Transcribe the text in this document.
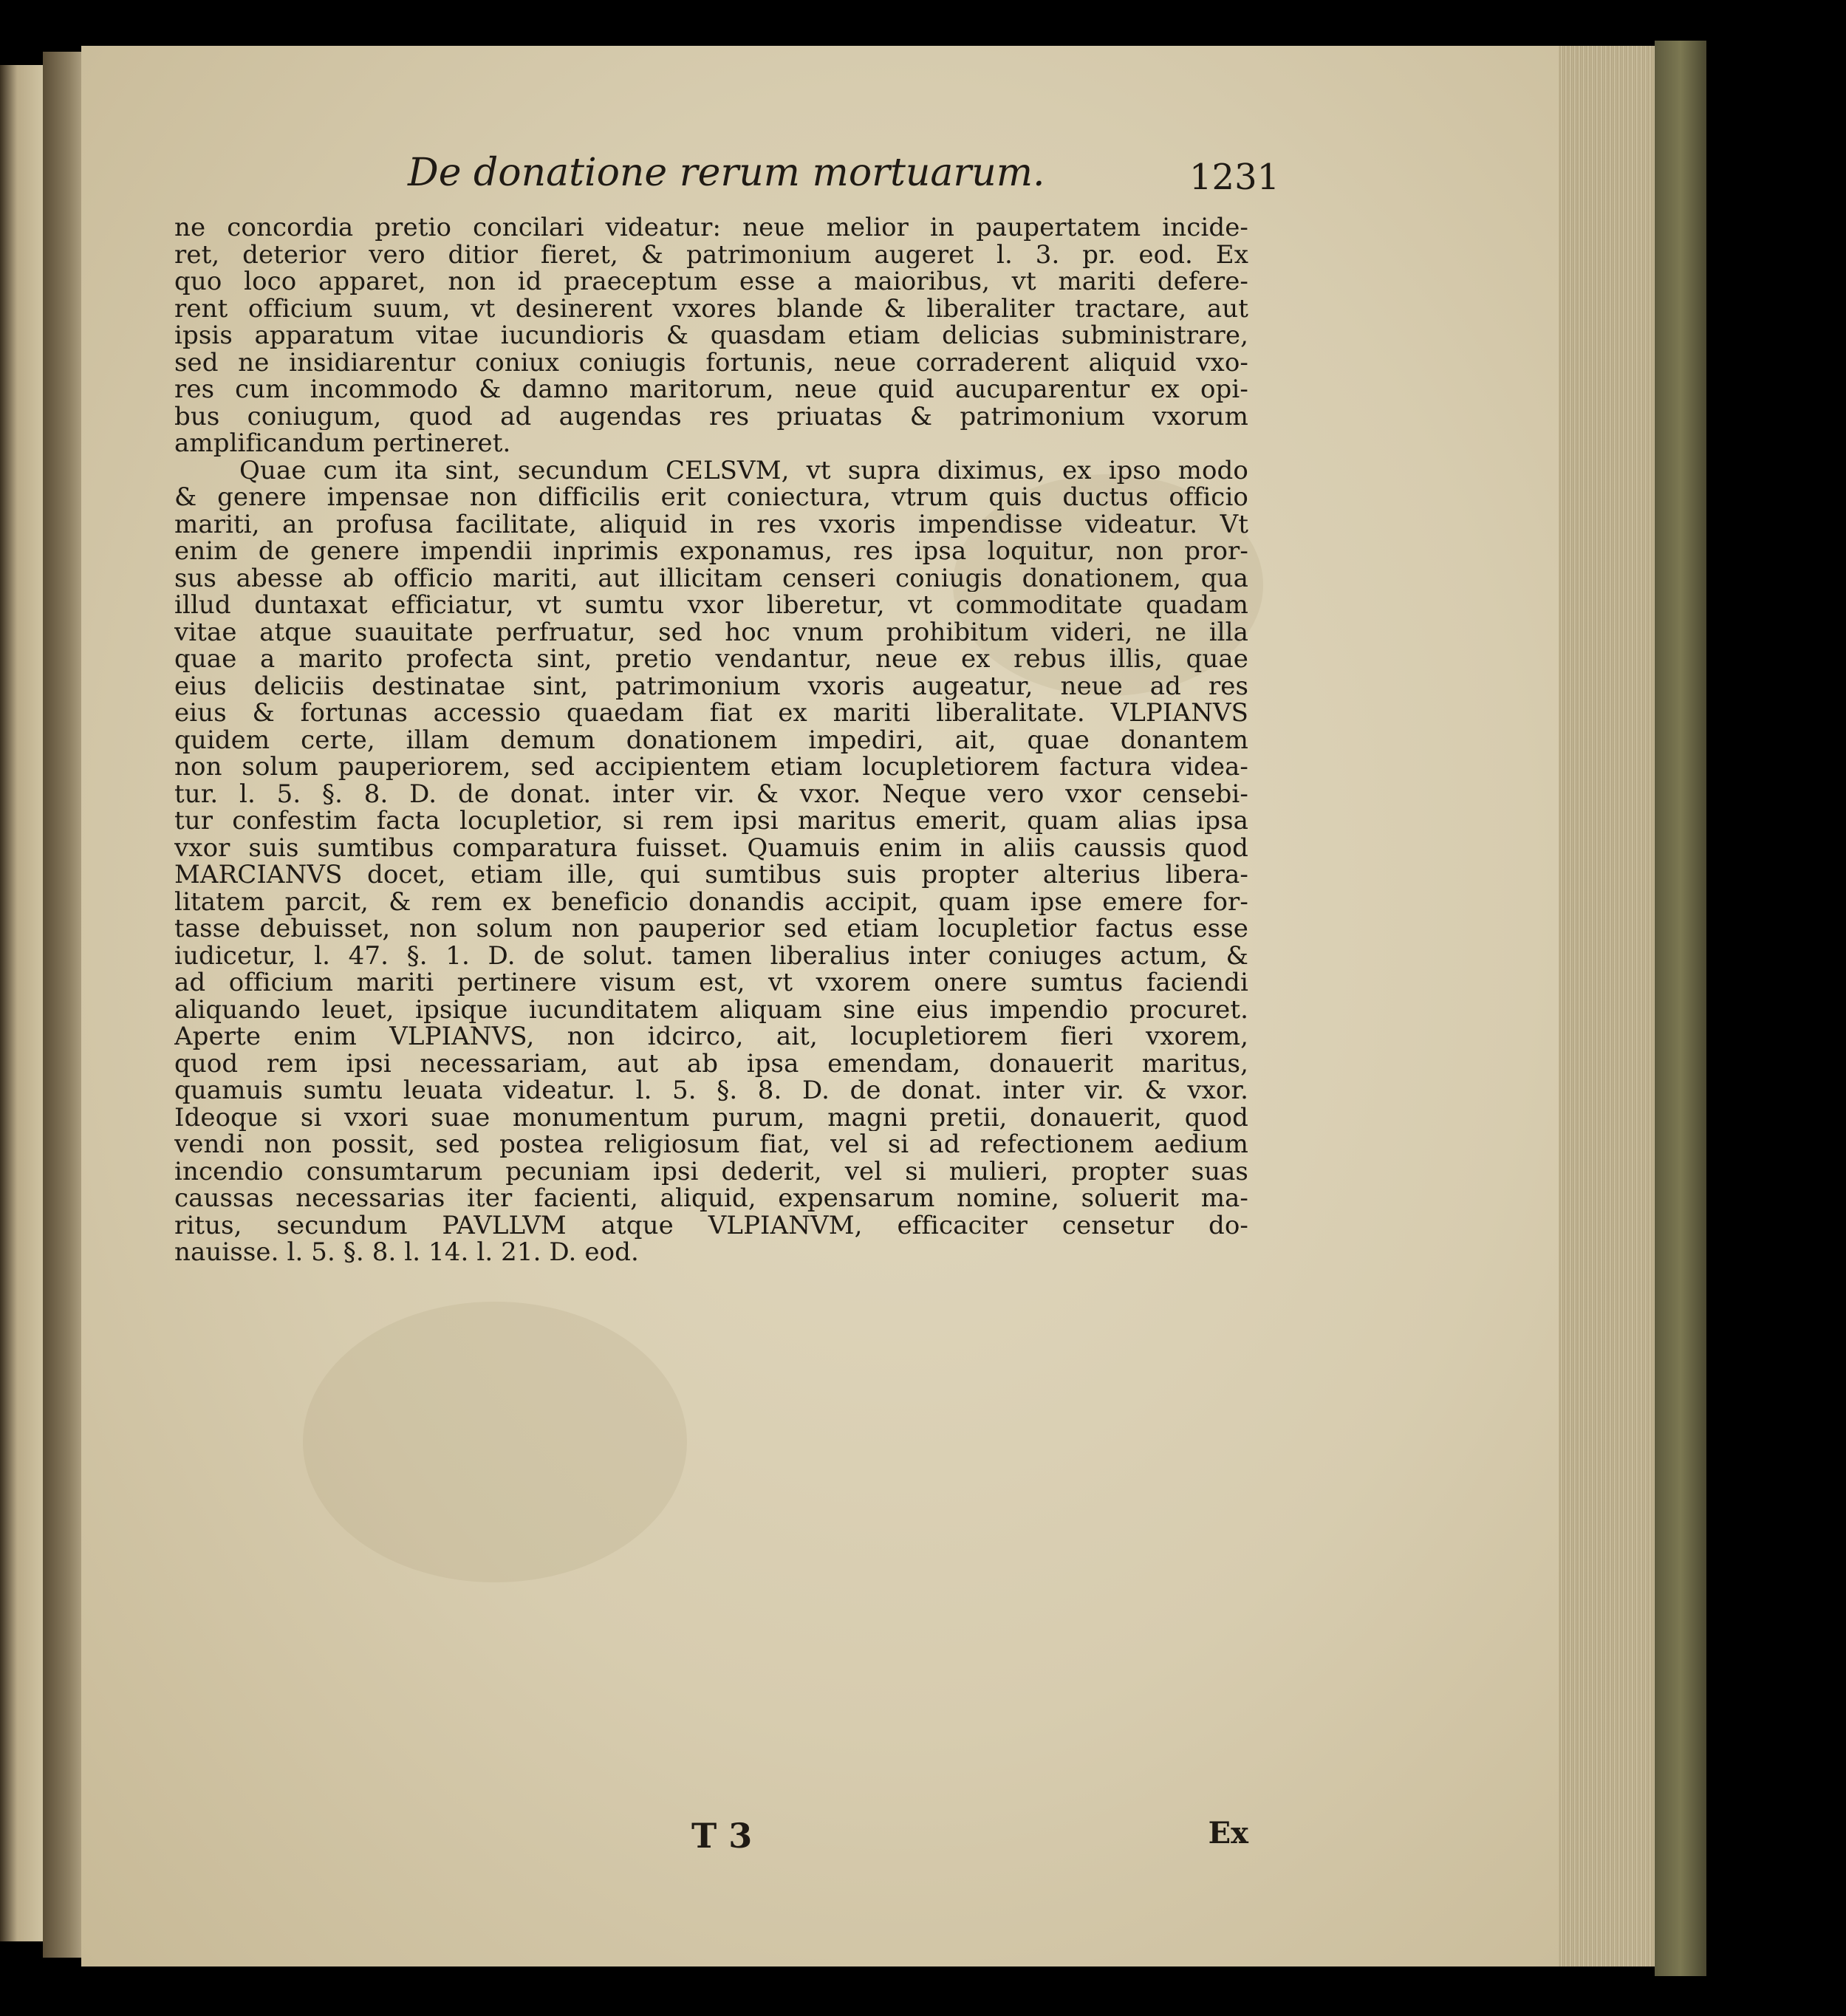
De donatione rerum mortuarum.	1231
ne concordia pretio concilari videatur: neue melior in paupertatem incide-
ret, deterior vero ditior fieret, & patrimonium augeret l. 3. pr. eod. Ex
quo loco apparet, non id praeceptum esse a maioribus, vt mariti defere-
rent officium suum, vt desinerent vxores blande & liberaliter tractare, aut
ipsis apparatum vitae iucundioris & quasdam etiam delicias subministrare,
sed ne insidiarentur coniux coniugis fortunis, neue corraderent aliquid vxo-
res cum incommodo & damno maritorum, neue quid aucuparentur ex opi-
bus coniugum, quod ad augendas res priuatas & patrimonium vxorum
amplificandum pertineret.
Quae cum ita sint, secundum CELSVM, vt supra diximus, ex ipso modo
& genere impensae non difficilis erit coniectura, vtrum quis ductus officio
mariti, an profusa facilitate, aliquid in res vxoris impendisse videatur. Vt
enim de genere impendii inprimis exponamus, res ipsa loquitur, non pror-
sus abesse ab officio mariti, aut illicitam censeri coniugis donationem, qua
illud duntaxat efficiatur, vt sumtu vxor liberetur, vt commoditate quadam
vitae atque suauitate perfruatur, sed hoc vnum prohibitum videri, ne illa
quae a marito profecta sint, pretio vendantur, neue ex rebus illis, quae
eius deliciis destinatae sint, patrimonium vxoris augeatur, neue ad res
eius & fortunas accessio quaedam fiat ex mariti liberalitate. VLPIANVS
quidem certe, illam demum donationem impediri, ait, quae donantem
non solum pauperiorem, sed accipientem etiam locupletiorem factura videa-
tur. l. 5. §. 8. D. de donat. inter vir. & vxor. Neque vero vxor censebi-
tur confestim facta locupletior, si rem ipsi maritus emerit, quam alias ipsa
vxor suis sumtibus comparatura fuisset. Quamuis enim in aliis caussis quod
MARCIANVS docet, etiam ille, qui sumtibus suis propter alterius libera-
litatem parcit, & rem ex beneficio donandis accipit, quam ipse emere for-
tasse debuisset, non solum non pauperior sed etiam locupletior factus esse
iudicetur, l. 47. §. 1. D. de solut. tamen liberalius inter coniuges actum, &
ad officium mariti pertinere visum est, vt vxorem onere sumtus faciendi
aliquando leuet, ipsique iucunditatem aliquam sine eius impendio procuret.
Aperte enim VLPIANVS, non idcirco, ait, locupletiorem fieri vxorem,
quod rem ipsi necessariam, aut ab ipsa emendam, donauerit maritus,
quamuis sumtu leuata videatur. l. 5. §. 8. D. de donat. inter vir. & vxor.
Ideoque si vxori suae monumentum purum, magni pretii, donauerit, quod
vendi non possit, sed postea religiosum fiat, vel si ad refectionem aedium
incendio consumtarum pecuniam ipsi dederit, vel si mulieri, propter suas
caussas necessarias iter facienti, aliquid, expensarum nomine, soluerit ma-
ritus, secundum PAVLLVM atque VLPIANVM, efficaciter censetur do-
nauisse. l. 5. §. 8. l. 14. l. 21. D. eod.
T 3	Ex
